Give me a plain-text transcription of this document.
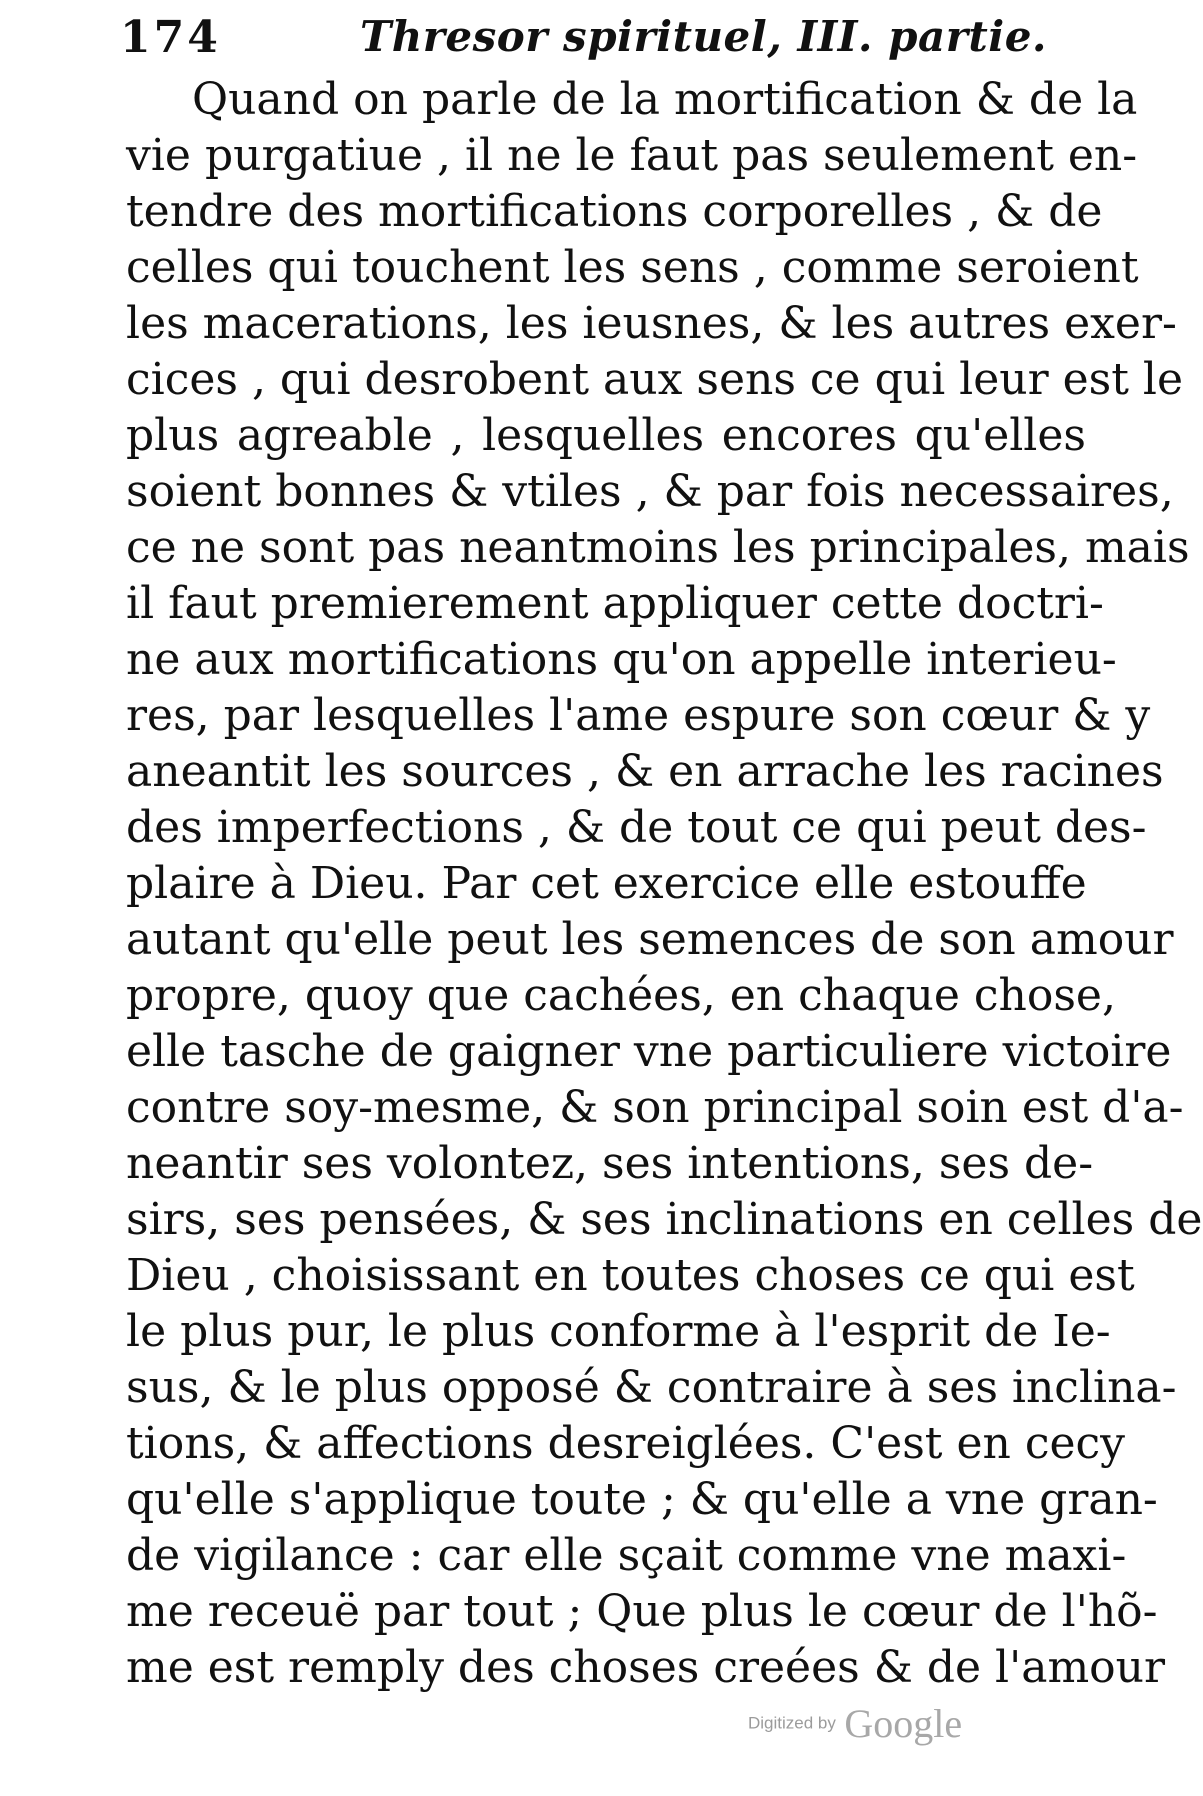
174	Thresor spirituel, III. partie.
Quand on parle de la mortification & de la
vie purgatiue , il ne le faut pas seulement en-
tendre des mortifications corporelles , & de
celles qui touchent les sens , comme seroient
les macerations, les ieusnes, & les autres exer-
cices , qui desrobent aux sens ce qui leur est le
plus agreable , lesquelles encores qu'elles
soient bonnes & vtiles , & par fois necessaires,
ce ne sont pas neantmoins les principales, mais
il faut premierement appliquer cette doctri-
ne aux mortifications qu'on appelle interieu-
res, par lesquelles l'ame espure son cœur & y
aneantit les sources , & en arrache les racines
des imperfections , & de tout ce qui peut des-
plaire à Dieu. Par cet exercice elle estouffe
autant qu'elle peut les semences de son amour
propre, quoy que cachées, en chaque chose,
elle tasche de gaigner vne particuliere victoire
contre soy-mesme, & son principal soin est d'a-
neantir ses volontez, ses intentions, ses de-
sirs, ses pensées, & ses inclinations en celles de
Dieu , choisissant en toutes choses ce qui est
le plus pur, le plus conforme à l'esprit de Ie-
sus, & le plus opposé & contraire à ses inclina-
tions, & affections desreiglées. C'est en cecy
qu'elle s'applique toute ; & qu'elle a vne gran-
de vigilance : car elle sçait comme vne maxi-
me receuë par tout ; Que plus le cœur de l'hõ-
me est remply des choses creées & de l'amour
Digitized by Google
